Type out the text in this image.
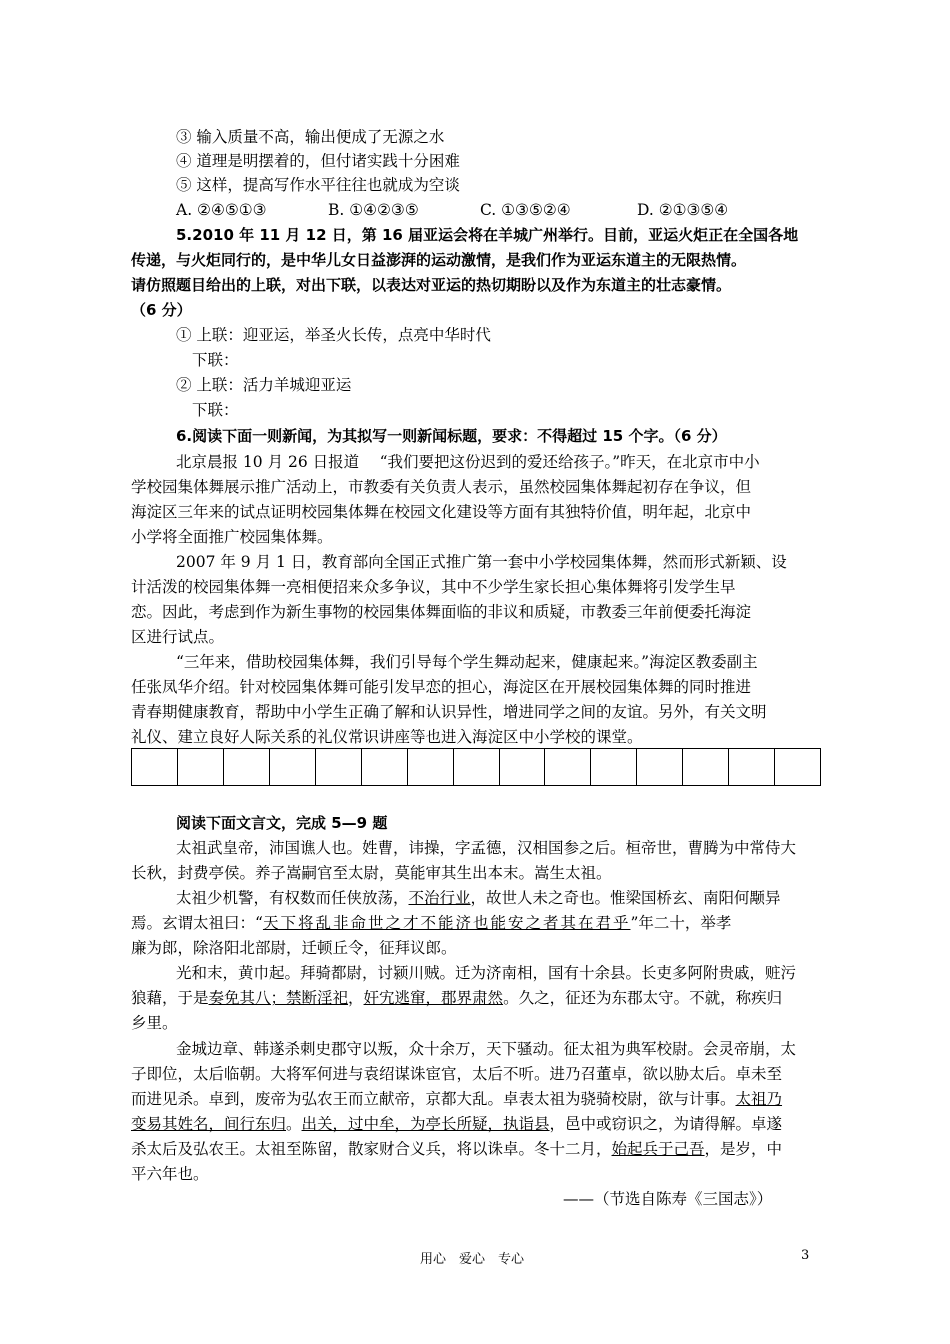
③ 输入质量不高，输出便成了无源之水
④ 道理是明摆着的，但付诸实践十分困难
⑤ 这样，提高写作水平往往也就成为空谈
A. ②④⑤①③	B. ①④②③⑤	C. ①③⑤②④	D. ②①③⑤④
5.2010 年 11 月 12 日，第 16 届亚运会将在羊城广州举行。目前，亚运火炬正在全国各地
传递，与火炬同行的，是中华儿女日益澎湃的运动激情，是我们作为亚运东道主的无限热情。
请仿照题目给出的上联，对出下联，以表达对亚运的热切期盼以及作为东道主的壮志豪情。
（6 分）
① 上联：迎亚运，举圣火长传，点亮中华时代
下联：
② 上联：活力羊城迎亚运
下联：
6.阅读下面一则新闻，为其拟写一则新闻标题，要求：不得超过 15 个字。（6 分）
北京晨报 10 月 26 日报道　 “我们要把这份迟到的爱还给孩子。”昨天，在北京市中小
学校园集体舞展示推广活动上，市教委有关负责人表示，虽然校园集体舞起初存在争议，但
海淀区三年来的试点证明校园集体舞在校园文化建设等方面有其独特价值，明年起，北京中
小学将全面推广校园集体舞。
2007 年 9 月 1 日，教育部向全国正式推广第一套中小学校园集体舞，然而形式新颖、设
计活泼的校园集体舞一亮相便招来众多争议，其中不少学生家长担心集体舞将引发学生早
恋。因此，考虑到作为新生事物的校园集体舞面临的非议和质疑，市教委三年前便委托海淀
区进行试点。
“三年来，借助校园集体舞，我们引导每个学生舞动起来，健康起来。”海淀区教委副主
任张凤华介绍。针对校园集体舞可能引发早恋的担心，海淀区在开展校园集体舞的同时推进
青春期健康教育，帮助中小学生正确了解和认识异性，增进同学之间的友谊。另外，有关文明
礼仪、建立良好人际关系的礼仪常识讲座等也进入海淀区中小学校的课堂。
阅读下面文言文，完成 5—9 题
太祖武皇帝，沛国谯人也。姓曹，讳操，字孟德，汉相国参之后。桓帝世，曹腾为中常侍大
长秋，封费亭侯。养子嵩嗣官至太尉，莫能审其生出本末。嵩生太祖。
太祖少机警，有权数而任侠放荡，不治行业，故世人未之奇也。惟梁国桥玄、南阳何颙异
焉。玄谓太祖曰：“天下将乱非命世之才不能济也能安之者其在君乎”年二十，举孝
廉为郎，除洛阳北部尉，迁顿丘令，征拜议郎。
光和末，黄巾起。拜骑都尉，讨颍川贼。迁为济南相，国有十余县。长吏多阿附贵戚，赃污
狼藉，于是奏免其八；禁断淫祀，奸宄逃窜，郡界肃然。久之，征还为东郡太守。不就，称疾归
乡里。
金城边章、韩遂杀刺史郡守以叛，众十余万，天下骚动。征太祖为典军校尉。会灵帝崩，太
子即位，太后临朝。大将军何进与袁绍谋诛宦官，太后不听。进乃召董卓，欲以胁太后。卓未至
而进见杀。卓到，废帝为弘农王而立献帝，京都大乱。卓表太祖为骁骑校尉，欲与计事。太祖乃
变易其姓名，间行东归。出关，过中牟，为亭长所疑，执诣县，邑中或窃识之，为请得解。卓遂
杀太后及弘农王。太祖至陈留，散家财合义兵，将以诛卓。冬十二月，始起兵于己吾，是岁，中
平六年也。
——（节选自陈寿《三国志》）
用心　爱心　专心	3
